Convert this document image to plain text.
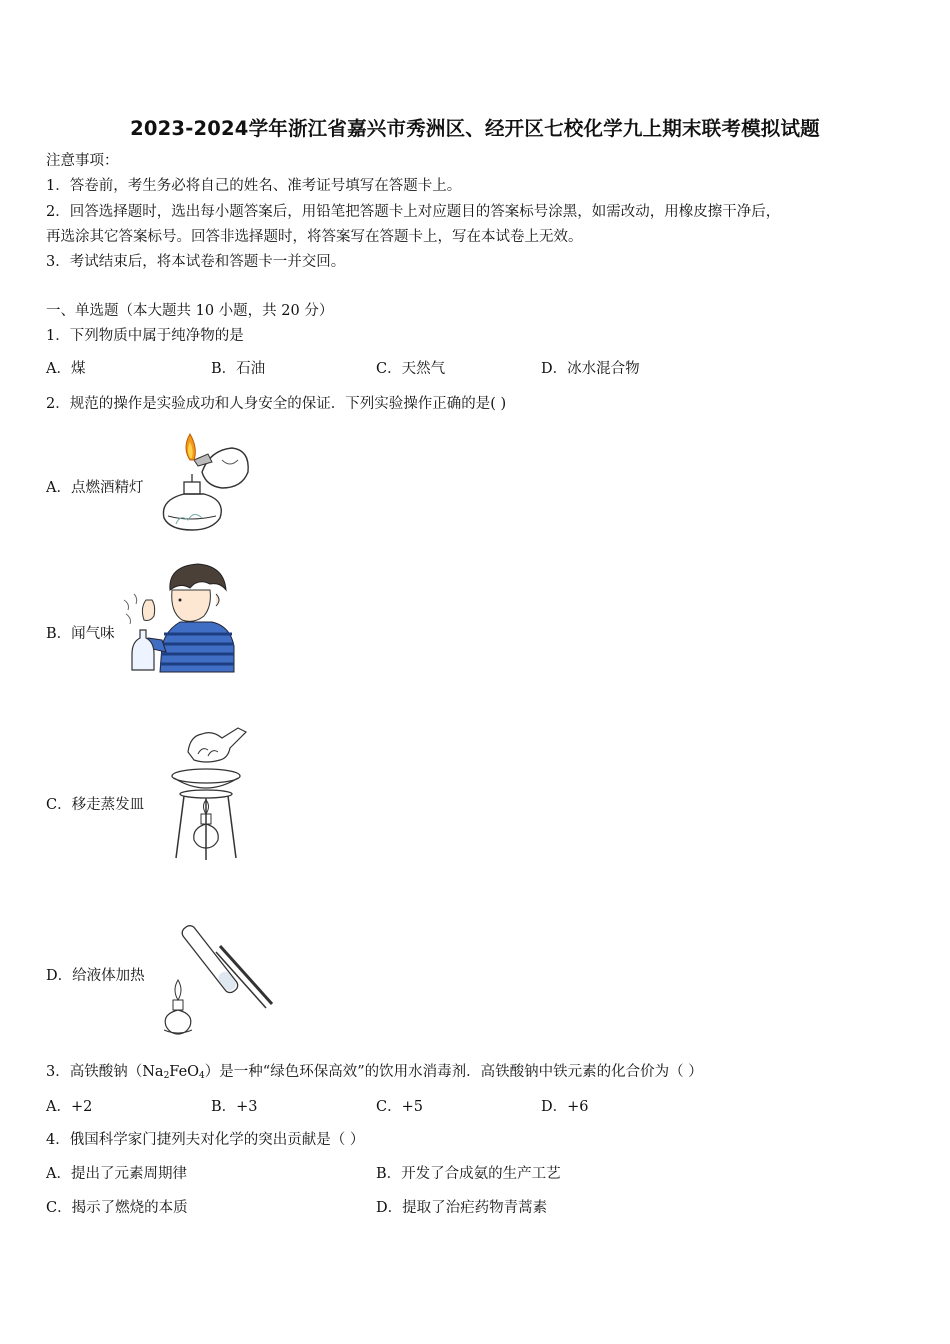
2023-2024学年浙江省嘉兴市秀洲区、经开区七校化学九上期末联考模拟试题
注意事项：
1．答卷前，考生务必将自己的姓名、准考证号填写在答题卡上。
2．回答选择题时，选出每小题答案后，用铅笔把答题卡上对应题目的答案标号涂黑，如需改动，用橡皮擦干净后，
再选涂其它答案标号。回答非选择题时，将答案写在答题卡上，写在本试卷上无效。
3．考试结束后，将本试卷和答题卡一并交回。
一、单选题（本大题共 10 小题，共 20 分）
1．下列物质中属于纯净物的是
A．煤	B．石油	C．天然气	D．冰水混合物
2．规范的操作是实验成功和人身安全的保证．下列实验操作正确的是( )
A．点燃酒精灯
B．闻气味
C．移走蒸发皿
D．给液体加热
3．高铁酸钠$(Na_2FeO_4)$是一种“绿色环保高效”的饮用水消毒剂．高铁酸钠中铁元素的化合价为（ ）
A．+2	B．+3	C．+5	D．+6
4．俄国科学家门捷列夫对化学的突出贡献是（ ）
A．提出了元素周期律	B．开发了合成氨的生产工艺
C．揭示了燃烧的本质	D．提取了治疟药物青蒿素
